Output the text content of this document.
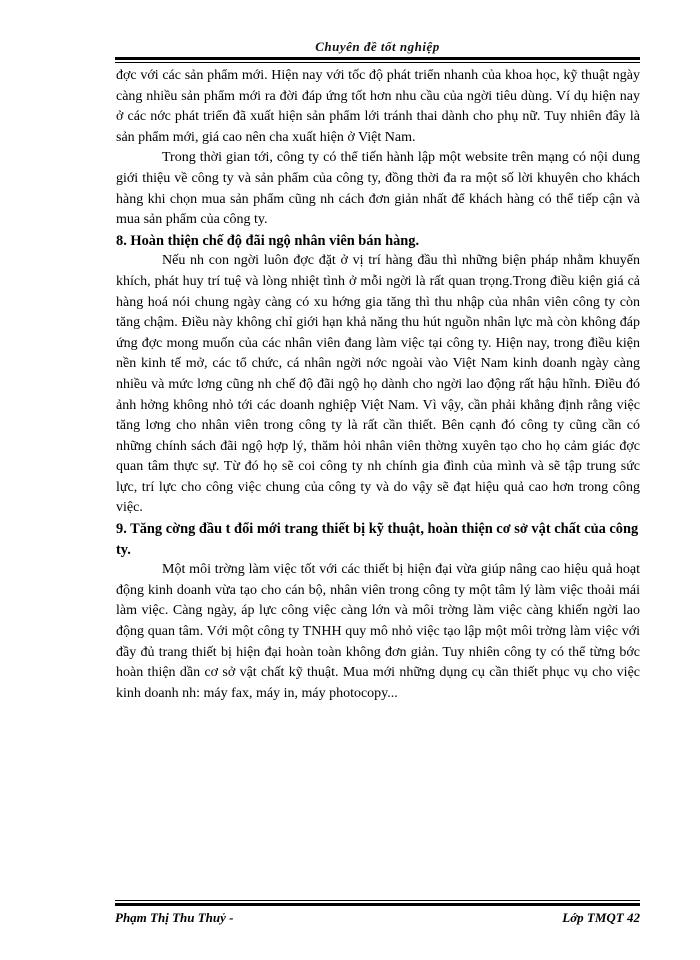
Chuyên đề tốt nghiệp

đợc với các sản phẩm mới. Hiện nay với tốc độ phát triển nhanh của khoa học, kỹ thuật ngày càng nhiều sản phẩm mới ra đời đáp ứng tốt hơn nhu cầu của ngời tiêu dùng. Ví dụ hiện nay ở các nớc phát triển đã xuất hiện sản phẩm lới tránh thai dành cho phụ nữ. Tuy nhiên đây là sản phẩm mới, giá cao nên cha xuất hiện ở Việt Nam.

Trong thời gian tới, công ty có thể tiến hành lập một website trên mạng có nội dung giới thiệu về công ty và sản phẩm của công ty, đồng thời đa ra một số lời khuyên cho khách hàng khi chọn mua sản phẩm cũng nh cách đơn giản nhất để khách hàng có thể tiếp cận và mua sản phẩm của công ty.

8. Hoàn thiện chế độ đãi ngộ nhân viên bán hàng.

Nếu nh con ngời luôn đợc đặt ở vị trí hàng đầu thì những biện pháp nhằm khuyến khích, phát huy trí tuệ và lòng nhiệt tình ở mỗi ngời là rất quan trọng.Trong điều kiện giá cả hàng hoá nói chung ngày càng có xu hớng gia tăng thì thu nhập của nhân viên công ty còn tăng chậm. Điều này không chỉ giới hạn khả năng thu hút nguồn nhân lực mà còn không đáp ứng đợc mong muốn của các nhân viên đang làm việc tại công ty. Hiện nay, trong điều kiện nền kinh tế mở, các tổ chức, cá nhân ngời nớc ngoài vào Việt Nam kinh doanh ngày càng nhiều và mức lơng cũng nh chế độ đãi ngộ họ dành cho ngời lao động rất hậu hĩnh. Điều đó ảnh hởng không nhỏ tới các doanh nghiệp Việt Nam. Vì vậy, cần phải khẳng định rằng việc tăng lơng cho nhân viên trong công ty là rất cần thiết. Bên cạnh đó công ty cũng cần có những chính sách đãi ngộ hợp lý, thăm hỏi nhân viên thờng xuyên tạo cho họ cảm giác đợc quan tâm thực sự. Từ đó họ sẽ coi công ty nh chính gia đình của mình và sẽ tập trung sức lực, trí lực cho công việc chung của công ty và do vậy sẽ đạt hiệu quả cao hơn trong công việc.

9. Tăng cờng đầu t đổi mới trang thiết bị kỹ thuật, hoàn thiện cơ sở vật chất của công ty.

Một môi trờng làm việc tốt với các thiết bị hiện đại vừa giúp nâng cao hiệu quả hoạt động kinh doanh vừa tạo cho cán bộ, nhân viên trong công ty một tâm lý làm việc thoải mái làm việc. Càng ngày, áp lực công việc càng lớn và môi trờng làm việc càng khiến ngời lao động quan tâm. Với một công ty TNHH quy mô nhỏ việc tạo lập một môi trờng làm việc với đầy đủ trang thiết bị hiện đại hoàn toàn không đơn giản. Tuy nhiên công ty có thể từng bớc hoàn thiện dần cơ sở vật chất kỹ thuật. Mua mới những dụng cụ cần thiết phục vụ cho việc kinh doanh nh: máy fax, máy in, máy photocopy...

Phạm Thị Thu Thuỷ -	Lớp TMQT 42
